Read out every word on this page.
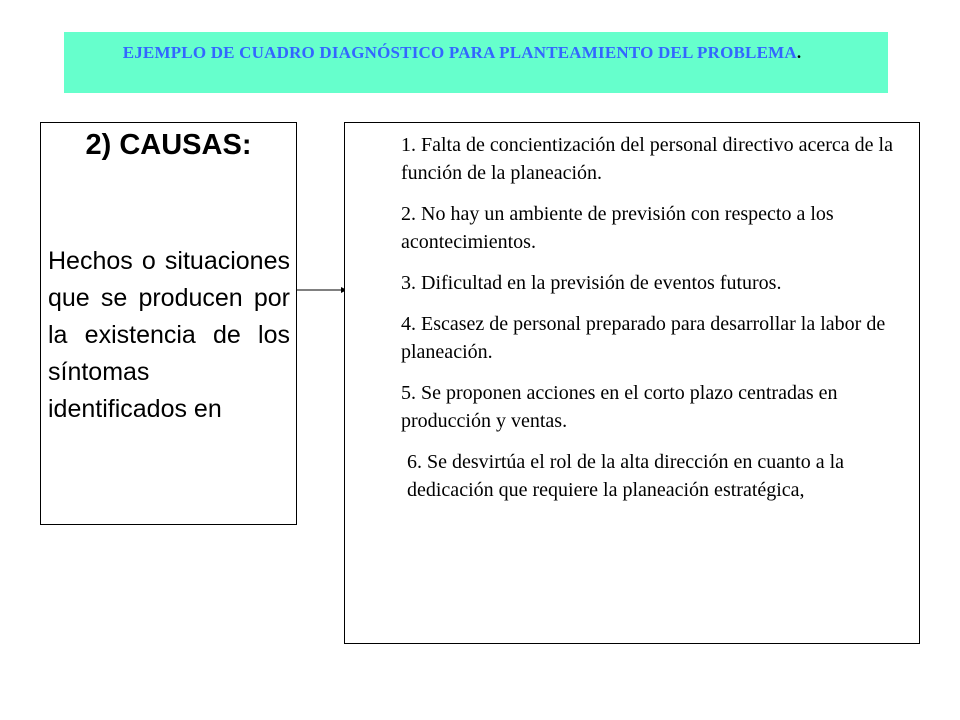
EJEMPLO DE CUADRO DIAGNÓSTICO PARA PLANTEAMIENTO DEL PROBLEMA.
2) CAUSAS:
Hechos o situaciones que se producen por la existencia de los síntomas identificados en
1. Falta de concientización del personal directivo acerca de la función de la planeación.
2. No hay un ambiente de previsión con respecto a los acontecimientos.
3. Dificultad en la previsión de eventos futuros.
4. Escasez de personal preparado para desarrollar la labor de planeación.
5. Se proponen acciones en el corto plazo centradas en producción y ventas.
6. Se desvirtúa el rol de la alta dirección en cuanto a la dedicación que requiere la planeación estratégica,
